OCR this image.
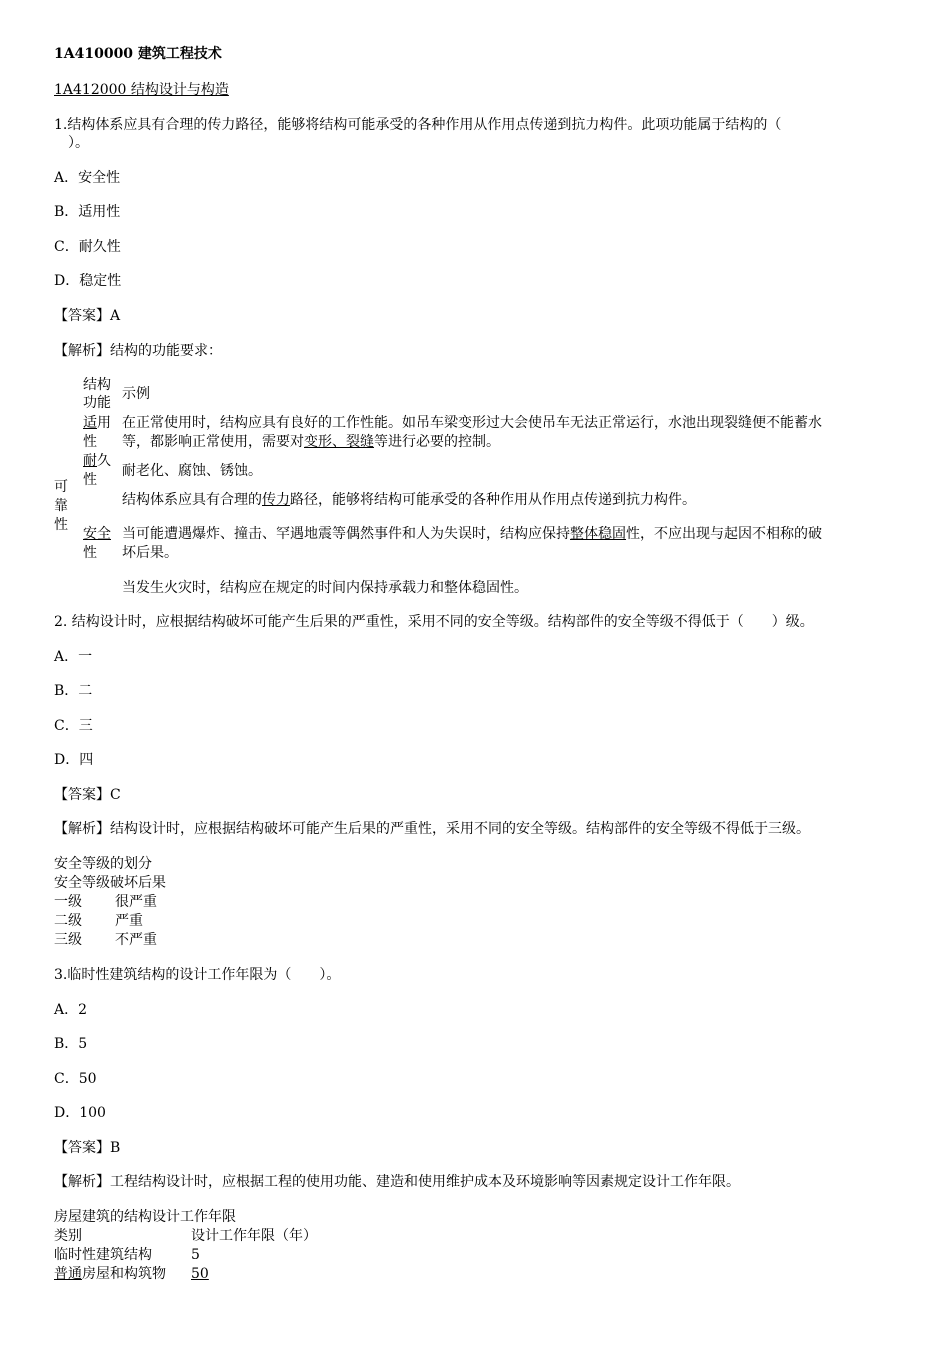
1A410000 建筑工程技术
1A412000 结构设计与构造
1.结构体系应具有合理的传力路径，能够将结构可能承受的各种作用从作用点传递到抗力构件。此项功能属于结构的（
）。
A．安全性
B．适用性
C．耐久性
D．稳定性
【答案】A
【解析】结构的功能要求：
结构
功能
示例
适用
性
在正常使用时，结构应具有良好的工作性能。如吊车梁变形过大会使吊车无法正常运行，水池出现裂缝便不能蓄水
等，都影响正常使用，需要对变形、裂缝等进行必要的控制。
耐久
性
耐老化、腐蚀、锈蚀。
可
靠
性
结构体系应具有合理的传力路径，能够将结构可能承受的各种作用从作用点传递到抗力构件。
安全
性
当可能遭遇爆炸、撞击、罕遇地震等偶然事件和人为失误时，结构应保持整体稳固性，不应出现与起因不相称的破
坏后果。
当发生火灾时，结构应在规定的时间内保持承载力和整体稳固性。
2. 结构设计时，应根据结构破坏可能产生后果的严重性，采用不同的安全等级。结构部件的安全等级不得低于（　　）级。
A．一
B．二
C．三
D．四
【答案】C
【解析】结构设计时，应根据结构破坏可能产生后果的严重性，采用不同的安全等级。结构部件的安全等级不得低于三级。
安全等级的划分
安全等级破坏后果
一级 很严重
二级 严重
三级 不严重
3.临时性建筑结构的设计工作年限为（　　）。
A．2
B．5
C．50
D．100
【答案】B
【解析】工程结构设计时，应根据工程的使用功能、建造和使用维护成本及环境影响等因素规定设计工作年限。
房屋建筑的结构设计工作年限
类别	设计工作年限（年）
临时性建筑结构	5
普通房屋和构筑物 50
